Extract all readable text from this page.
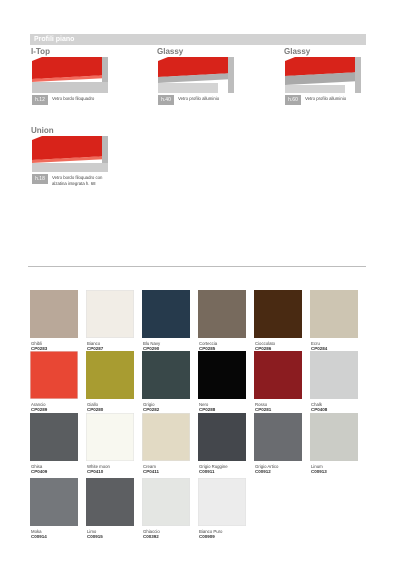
Profili piano
I-Top
h.12	Vetro bordo filoquadro
Glassy
h.40	Vetro profilo alluminio
Glassy
h.60	Vetro profilo alluminio
Union
h.18	Vetro bordo filoquadro con alzatina integrata h. 68
Ghibli
CP0283
Bianco
CP0287
Blu Navy
CP0290
Corteccia
CP0285
Cioccolato
CP0286
Ecru
CP0284
Arancio
CP0289
Giallo
CP0280
Grigio
CP0282
Nero
CP0288
Rosso
CP0281
Chalk
CP0408
Ghisa
CP0409
White moon
CP0410
Cream
CP0411
Grigio Ruggine
C00911
Grigio Artico
C00912
Linum
C00913
Moka
C00914
Limo
C00915
Ghiaccio
C00392
Bianco Puro
C00909
